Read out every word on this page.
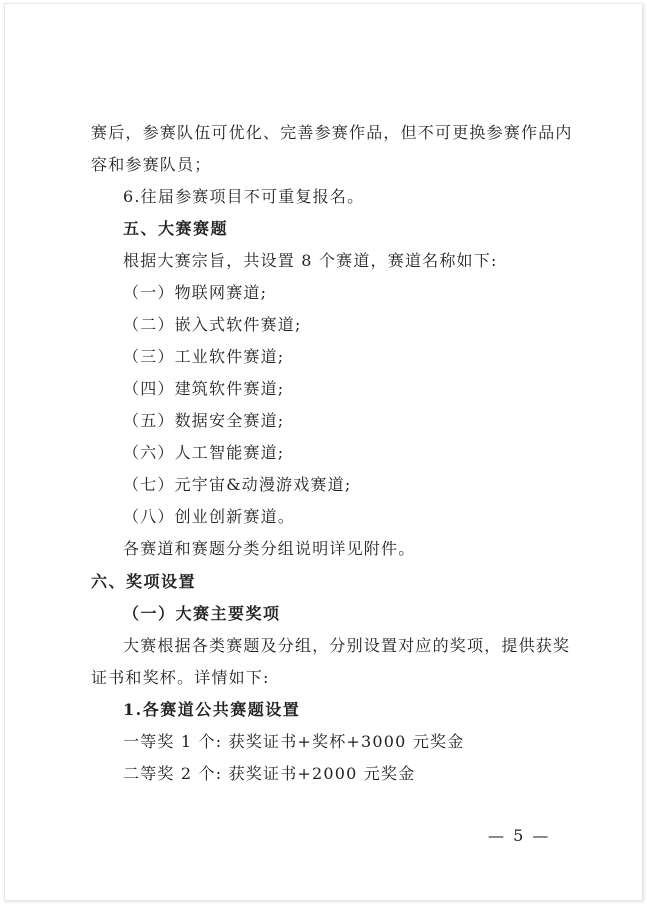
赛后，参赛队伍可优化、完善参赛作品，但不可更换参赛作品内
容和参赛队员；
6.往届参赛项目不可重复报名。
五、大赛赛题
根据大赛宗旨，共设置 8 个赛道，赛道名称如下:
（一）物联网赛道;
（二）嵌入式软件赛道;
（三）工业软件赛道;
（四）建筑软件赛道;
（五）数据安全赛道;
（六）人工智能赛道;
（七）元宇宙&动漫游戏赛道;
（八）创业创新赛道。
各赛道和赛题分类分组说明详见附件。
六、奖项设置
（一）大赛主要奖项
大赛根据各类赛题及分组，分别设置对应的奖项，提供获奖
证书和奖杯。详情如下:
1.各赛道公共赛题设置
一等奖 1 个: 获奖证书+奖杯+3000 元奖金
二等奖 2 个: 获奖证书+2000 元奖金
— 5 —
